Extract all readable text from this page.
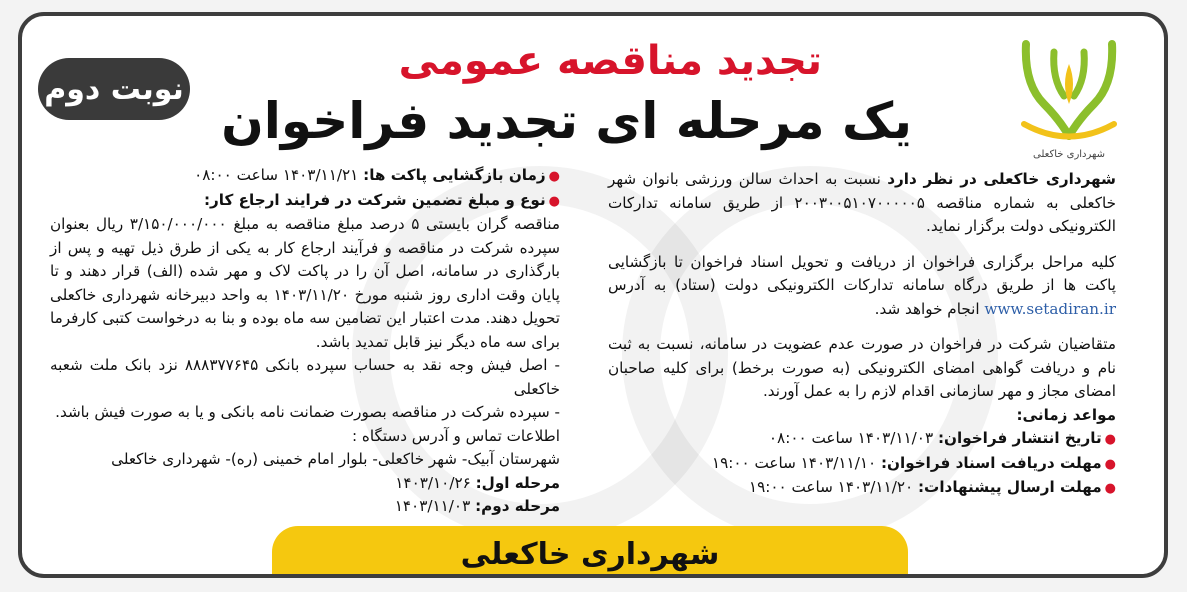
شهرداری خاکعلی
نوبت دوم
تجدید مناقصه عمومی
یک مرحله ای تجدید فراخوان

شهرداری خاکعلی در نظر دارد نسبت به احداث سالن ورزشی بانوان شهر خاکعلی به شماره مناقصه ۲۰۰۳۰۰۵۱۰۷۰۰۰۰۰۵ از طریق سامانه تدارکات الکترونیکی دولت برگزار نماید.

کلیه مراحل برگزاری فراخوان از دریافت و تحویل اسناد فراخوان تا بازگشایی پاکت ها از طریق درگاه سامانه تدارکات الکترونیکی دولت (ستاد) به آدرس www.setadiran.ir انجام خواهد شد.

متقاضیان شرکت در فراخوان در صورت عدم عضویت در سامانه، نسبت به ثبت نام و دریافت گواهی امضای الکترونیکی (به صورت برخط) برای کلیه صاحبان امضای مجاز و مهر سازمانی اقدام لازم را به عمل آورند.

مواعد زمانی:

●تاریخ انتشار فراخوان: ۱۴۰۳/۱۱/۰۳ ساعت ۰۸:۰۰

●مهلت دریافت اسناد فراخوان: ۱۴۰۳/۱۱/۱۰ ساعت ۱۹:۰۰

●مهلت ارسال پیشنهادات: ۱۴۰۳/۱۱/۲۰ ساعت ۱۹:۰۰

●زمان بازگشایی پاکت ها: ۱۴۰۳/۱۱/۲۱ ساعت ۰۸:۰۰

●نوع و مبلغ تضمین شرکت در فرایند ارجاع کار:

مناقصه گران بایستی ۵ درصد مبلغ مناقصه به مبلغ ۳/۱۵۰/۰۰۰/۰۰۰ ریال بعنوان سپرده شرکت در مناقصه و فرآیند ارجاع کار به یکی از طرق ذیل تهیه و پس از بارگذاری در سامانه، اصل آن را در پاکت لاک و مهر شده (الف) قرار دهند و تا پایان وقت اداری روز شنبه مورخ ۱۴۰۳/۱۱/۲۰ به واحد دبیرخانه شهرداری خاکعلی تحویل دهند. مدت اعتبار این تضامین سه ماه بوده و بنا به درخواست کتبی کارفرما برای سه ماه دیگر نیز قابل تمدید باشد.

- اصل فیش وجه نقد به حساب سپرده بانکی ۸۸۸۳۷۷۶۴۵ نزد بانک ملت شعبه خاکعلی

- سپرده شرکت در مناقصه بصورت ضمانت نامه بانکی و یا به صورت فیش باشد.

اطلاعات تماس و آدرس دستگاه :

شهرستان آبیک- شهر خاکعلی- بلوار امام خمینی (ره)- شهرداری خاکعلی

مرحله اول: ۱۴۰۳/۱۰/۲۶

مرحله دوم: ۱۴۰۳/۱۱/۰۳

شهرداری خاکعلی
